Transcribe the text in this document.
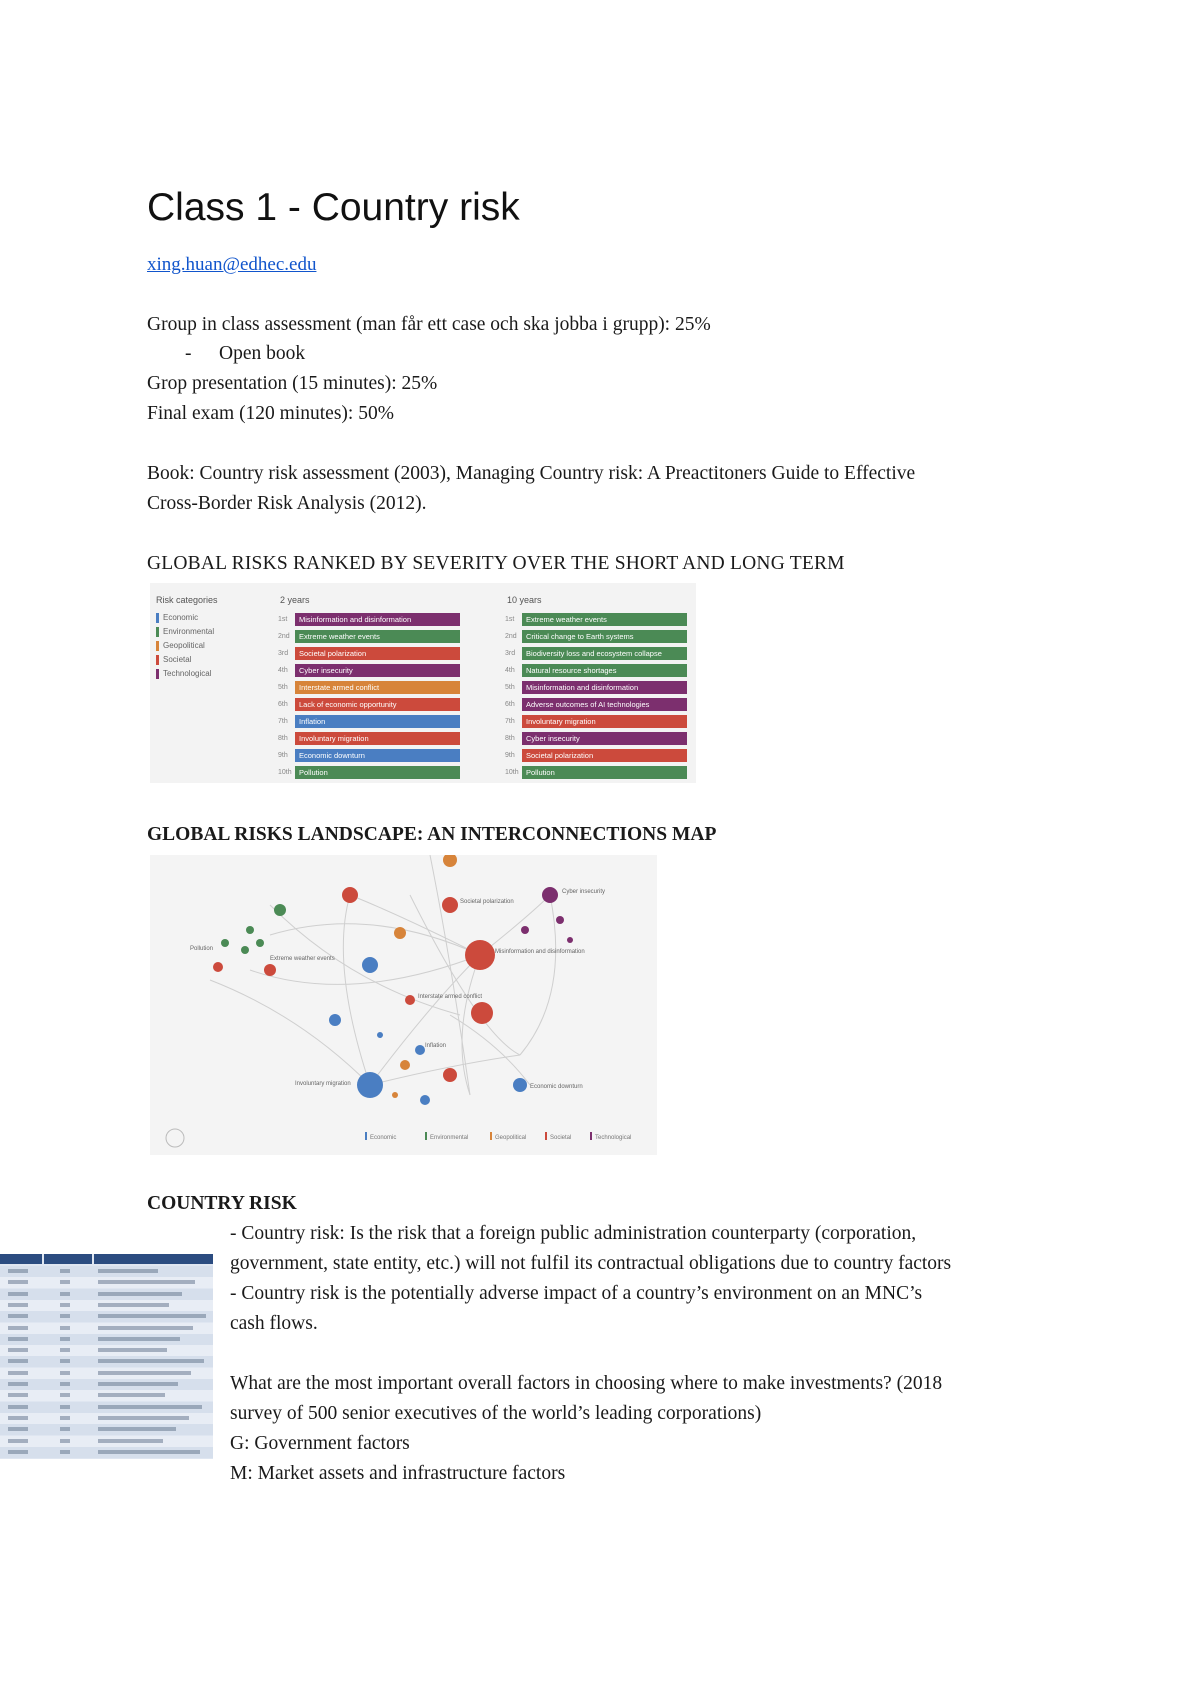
Class 1 - Country risk
xing.huan@edhec.edu
Group in class assessment (man får ett case och ska jobba i grupp): 25%
- Open book
Grop presentation (15 minutes): 25%
Final exam (120 minutes): 50%
Book: Country risk assessment (2003), Managing Country risk: A Preactitoners Guide to Effective
Cross-Border Risk Analysis (2012).
GLOBAL RISKS RANKED BY SEVERITY OVER THE SHORT AND LONG TERM
Risk categories
Economic
Environmental
Geopolitical
Societal
Technological
2 years	10 years
1st	Misinformation and disinformation
2nd	Extreme weather events
3rd	Societal polarization
4th	Cyber insecurity
5th	Interstate armed conflict
6th	Lack of economic opportunity
7th	Inflation
8th	Involuntary migration
9th	Economic downturn
10th Pollution
1st	Extreme weather events
2nd	Critical change to Earth systems
3rd	Biodiversity loss and ecosystem collapse
4th	Natural resource shortages
5th	Misinformation and disinformation
6th	Adverse outcomes of AI technologies
7th	Involuntary migration
8th	Cyber insecurity
9th	Societal polarization
10th Pollution
GLOBAL RISKS LANDSCAPE: AN INTERCONNECTIONS MAP
Misinformation and disinformation
Societal polarization
Cyber insecurity
Interstate armed conflict
Extreme weather events
Pollution
Inflation
Economic downturn
Involuntary migration
Economic	Environmental	Geopolitical	Societal	Technological
COUNTRY RISK
- Country risk: Is the risk that a foreign public administration counterparty (corporation,
government, state entity, etc.) will not fulfil its contractual obligations due to country factors
- Country risk is the potentially adverse impact of a country’s environment on an MNC’s
cash flows.
What are the most important overall factors in choosing where to make investments? (2018
survey of 500 senior executives of the world’s leading corporations)
G: Government factors
M: Market assets and infrastructure factors
